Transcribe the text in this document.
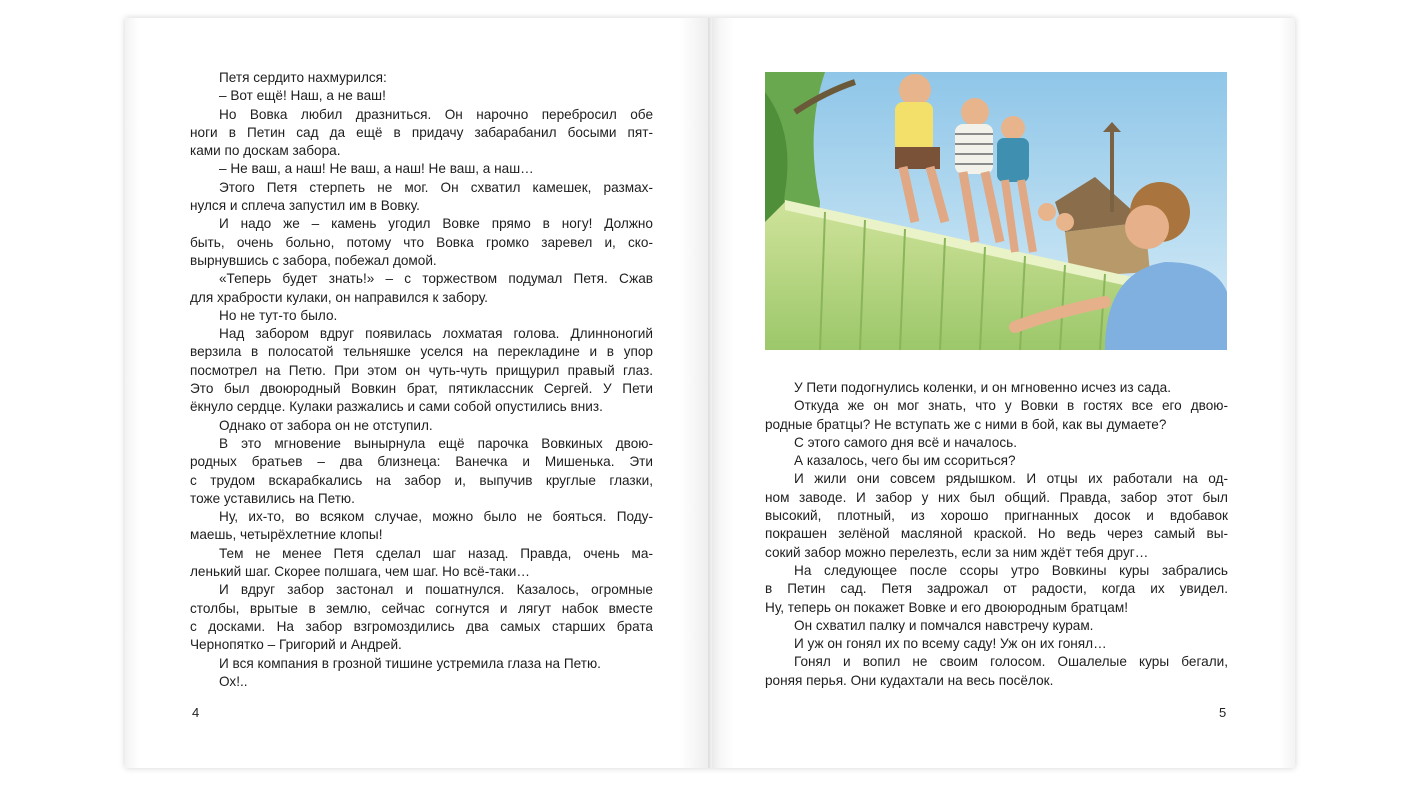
Петя сердито нахмурился:
– Вот ещё! Наш, а не ваш!
Но Вовка любил дразниться. Он нарочно перебросил обе
ноги в Петин сад да ещё в придачу забарабанил босыми пят-
ками по доскам забора.
– Не ваш, а наш! Не ваш, а наш! Не ваш, а наш…
Этого Петя стерпеть не мог. Он схватил камешек, размах-
нулся и сплеча запустил им в Вовку.
И надо же – камень угодил Вовке прямо в ногу! Должно
быть, очень больно, потому что Вовка громко заревел и, ско-
вырнувшись с забора, побежал домой.
«Теперь будет знать!» – с торжеством подумал Петя. Сжав
для храбрости кулаки, он направился к забору.
Но не тут-то было.
Над забором вдруг появилась лохматая голова. Длинноногий
верзила в полосатой тельняшке уселся на перекладине и в упор
посмотрел на Петю. При этом он чуть-чуть прищурил правый глаз.
Это был двоюродный Вовкин брат, пятиклассник Сергей. У Пети
ёкнуло сердце. Кулаки разжались и сами собой опустились вниз.
Однако от забора он не отступил.
В это мгновение вынырнула ещё парочка Вовкиных двою-
родных братьев – два близнеца: Ванечка и Мишенька. Эти
с трудом вскарабкались на забор и, выпучив круглые глазки,
тоже уставились на Петю.
Ну, их-то, во всяком случае, можно было не бояться. Поду-
маешь, четырёхлетние клопы!
Тем не менее Петя сделал шаг назад. Правда, очень ма-
ленький шаг. Скорее полшага, чем шаг. Но всё-таки…
И вдруг забор застонал и пошатнулся. Казалось, огромные
столбы, врытые в землю, сейчас согнутся и лягут набок вместе
с досками. На забор взгромоздились два самых старших брата
Чернопятко – Григорий и Андрей.
И вся компания в грозной тишине устремила глаза на Петю.
Ох!..
4
У Пети подогнулись коленки, и он мгновенно исчез из сада.
Откуда же он мог знать, что у Вовки в гостях все его двою-
родные братцы? Не вступать же с ними в бой, как вы думаете?
С этого самого дня всё и началось.
А казалось, чего бы им ссориться?
И жили они совсем рядышком. И отцы их работали на од-
ном заводе. И забор у них был общий. Правда, забор этот был
высокий, плотный, из хорошо пригнанных досок и вдобавок
покрашен зелёной масляной краской. Но ведь через самый вы-
сокий забор можно перелезть, если за ним ждёт тебя друг…
На следующее после ссоры утро Вовкины куры забрались
в Петин сад. Петя задрожал от радости, когда их увидел.
Ну, теперь он покажет Вовке и его двоюродным братцам!
Он схватил палку и помчался навстречу курам.
И уж он гонял их по всему саду! Уж он их гонял…
Гонял и вопил не своим голосом. Ошалелые куры бегали,
роняя перья. Они кудахтали на весь посёлок.
5
